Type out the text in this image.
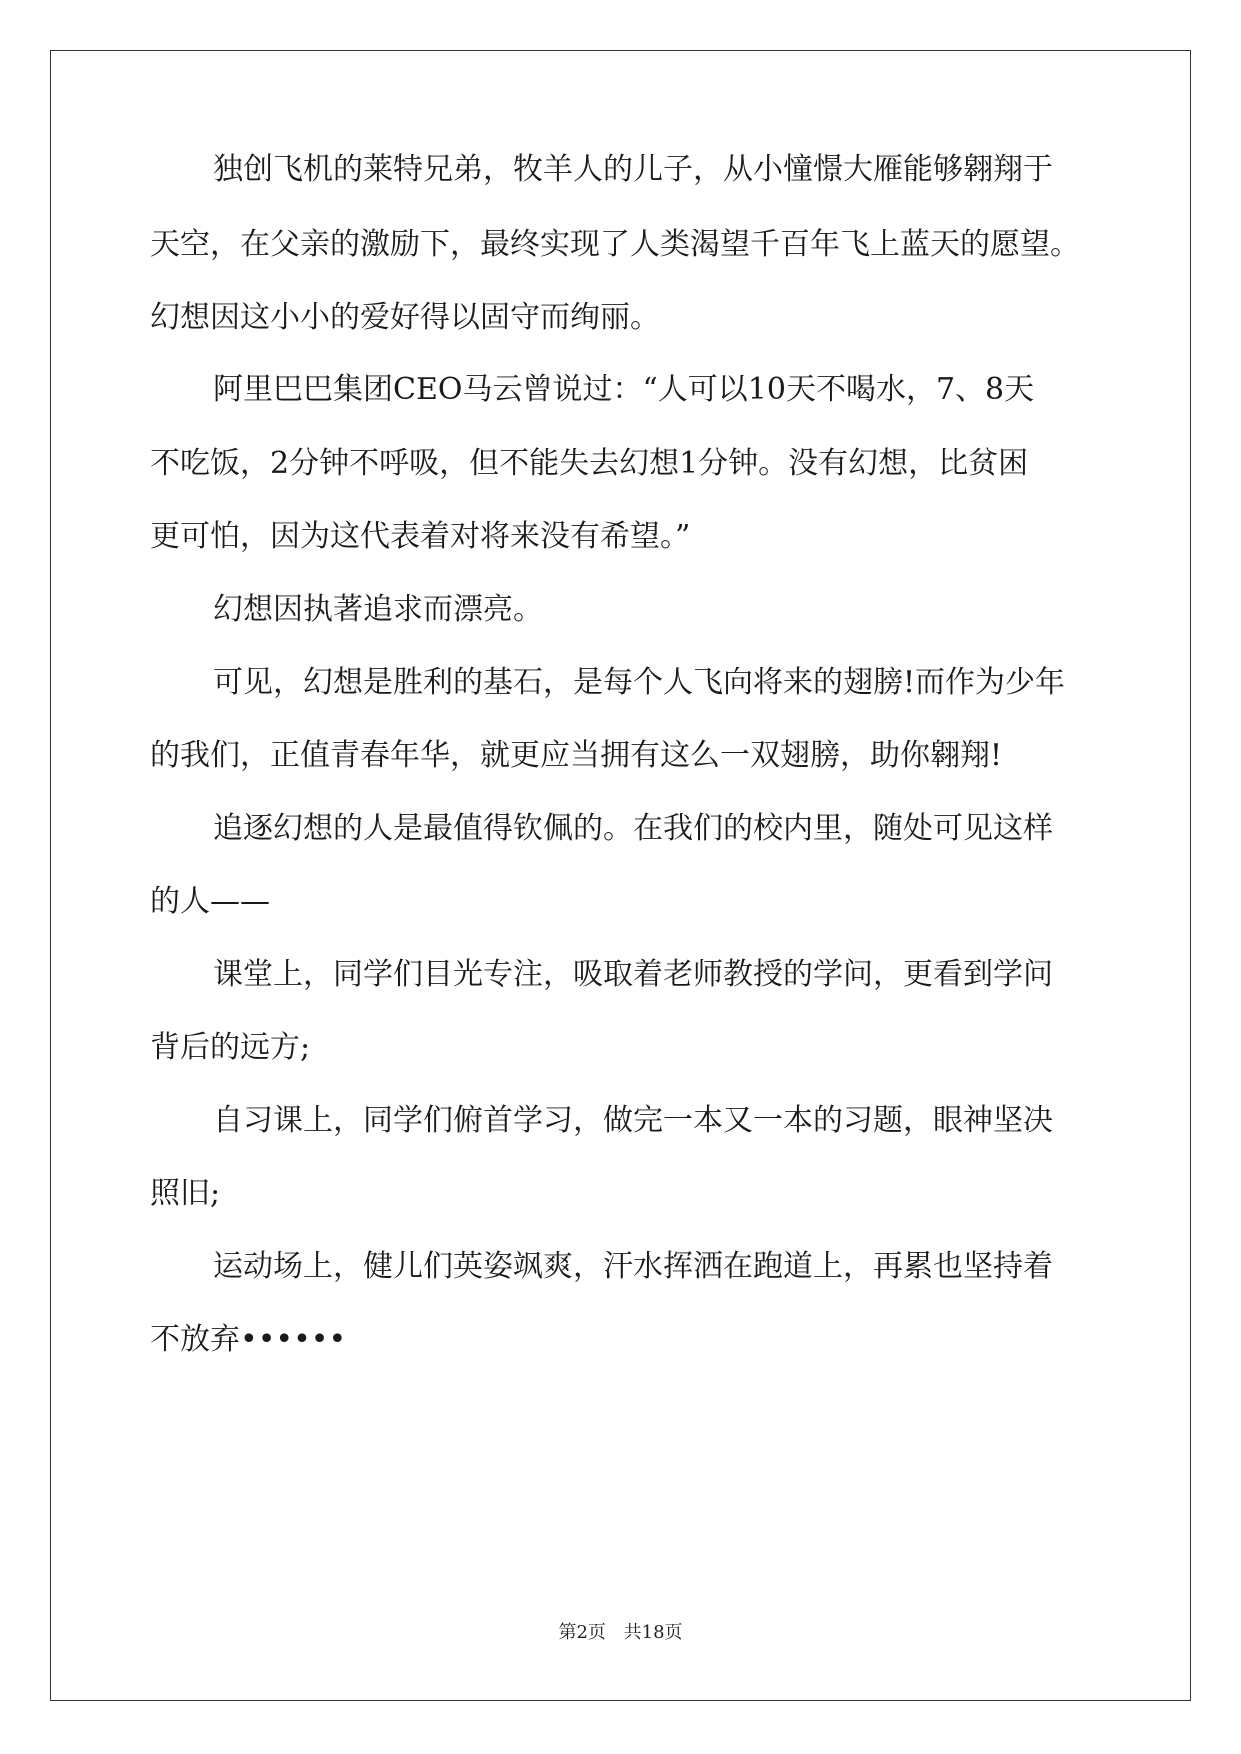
独创飞机的莱特兄弟，牧羊人的儿子，从小憧憬大雁能够翱翔于
天空，在父亲的激励下，最终实现了人类渴望千百年飞上蓝天的愿望。
幻想因这小小的爱好得以固守而绚丽。
阿里巴巴集团CEO马云曾说过：“人可以10天不喝水，7、8天
不吃饭，2分钟不呼吸，但不能失去幻想1分钟。没有幻想，比贫困
更可怕，因为这代表着对将来没有希望。”
幻想因执著追求而漂亮。
可见，幻想是胜利的基石，是每个人飞向将来的翅膀!而作为少年
的我们，正值青春年华，就更应当拥有这么一双翅膀，助你翱翔!
追逐幻想的人是最值得钦佩的。在我们的校内里，随处可见这样
的人——
课堂上，同学们目光专注，吸取着老师教授的学问，更看到学问
背后的远方;
自习课上，同学们俯首学习，做完一本又一本的习题，眼神坚决
照旧;
运动场上，健儿们英姿飒爽，汗水挥洒在跑道上，再累也坚持着
不放弃••••••
第2页 共18页
